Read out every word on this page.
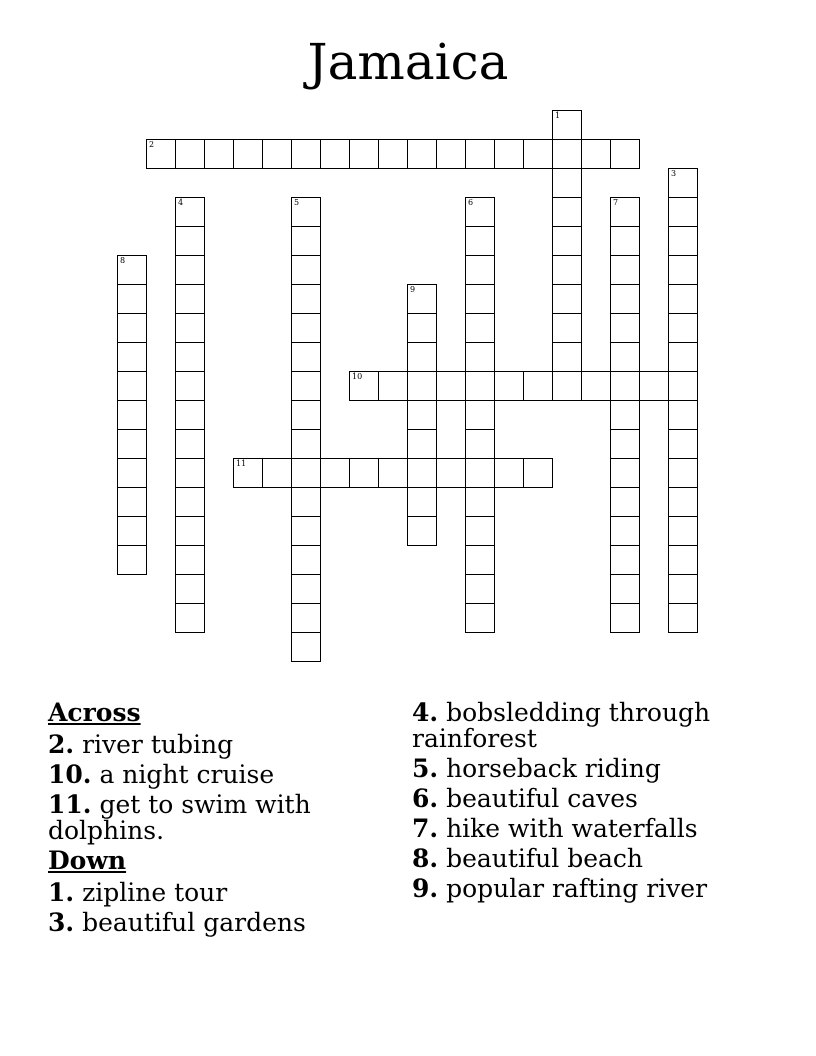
Jamaica
2
10
11
1
3
4	5	6	7
8
9
Across
2. river tubing
10. a night cruise
11. get to swim with dolphins.
Down
1. zipline tour
3. beautiful gardens
4. bobsledding through rainforest
5. horseback riding
6. beautiful caves
7. hike with waterfalls
8. beautiful beach
9. popular rafting river
